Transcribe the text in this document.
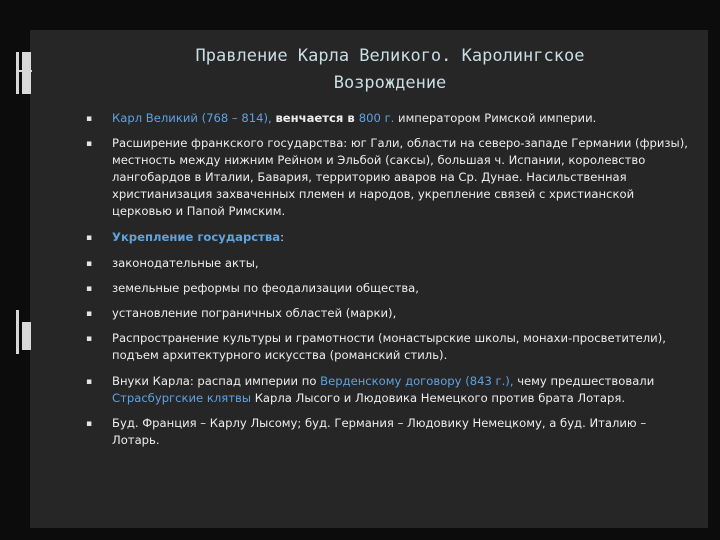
Правление Карла Великого. Каролингское
Возрождение
▪ Карл Великий (768 – 814), венчается в 800 г. императором Римской империи.
▪ Расширение франкского государства: юг Гали, области на северо-западе Германии (фризы), местность между нижним Рейном и Эльбой (саксы), большая ч. Испании, королевство лангобардов в Италии, Бавария, территорию аваров на Ср. Дунае. Насильственная христианизация захваченных племен и народов, укрепление связей с христианской церковью и Папой Римским.
▪ Укрепление государства:
▪ законодательные акты,
▪ земельные реформы по феодализации общества,
▪ установление пограничных областей (марки),
▪ Распространение культуры и грамотности (монастырские школы, монахи-просветители), подъем архитектурного искусства (романский стиль).
▪ Внуки Карла: распад империи по Верденскому договору (843 г.), чему предшествовали Страсбургские клятвы Карла Лысого и Людовика Немецкого против брата Лотаря.
▪ Буд. Франция – Карлу Лысому; буд. Германия – Людовику Немецкому, а буд. Италию – Лотарь.
